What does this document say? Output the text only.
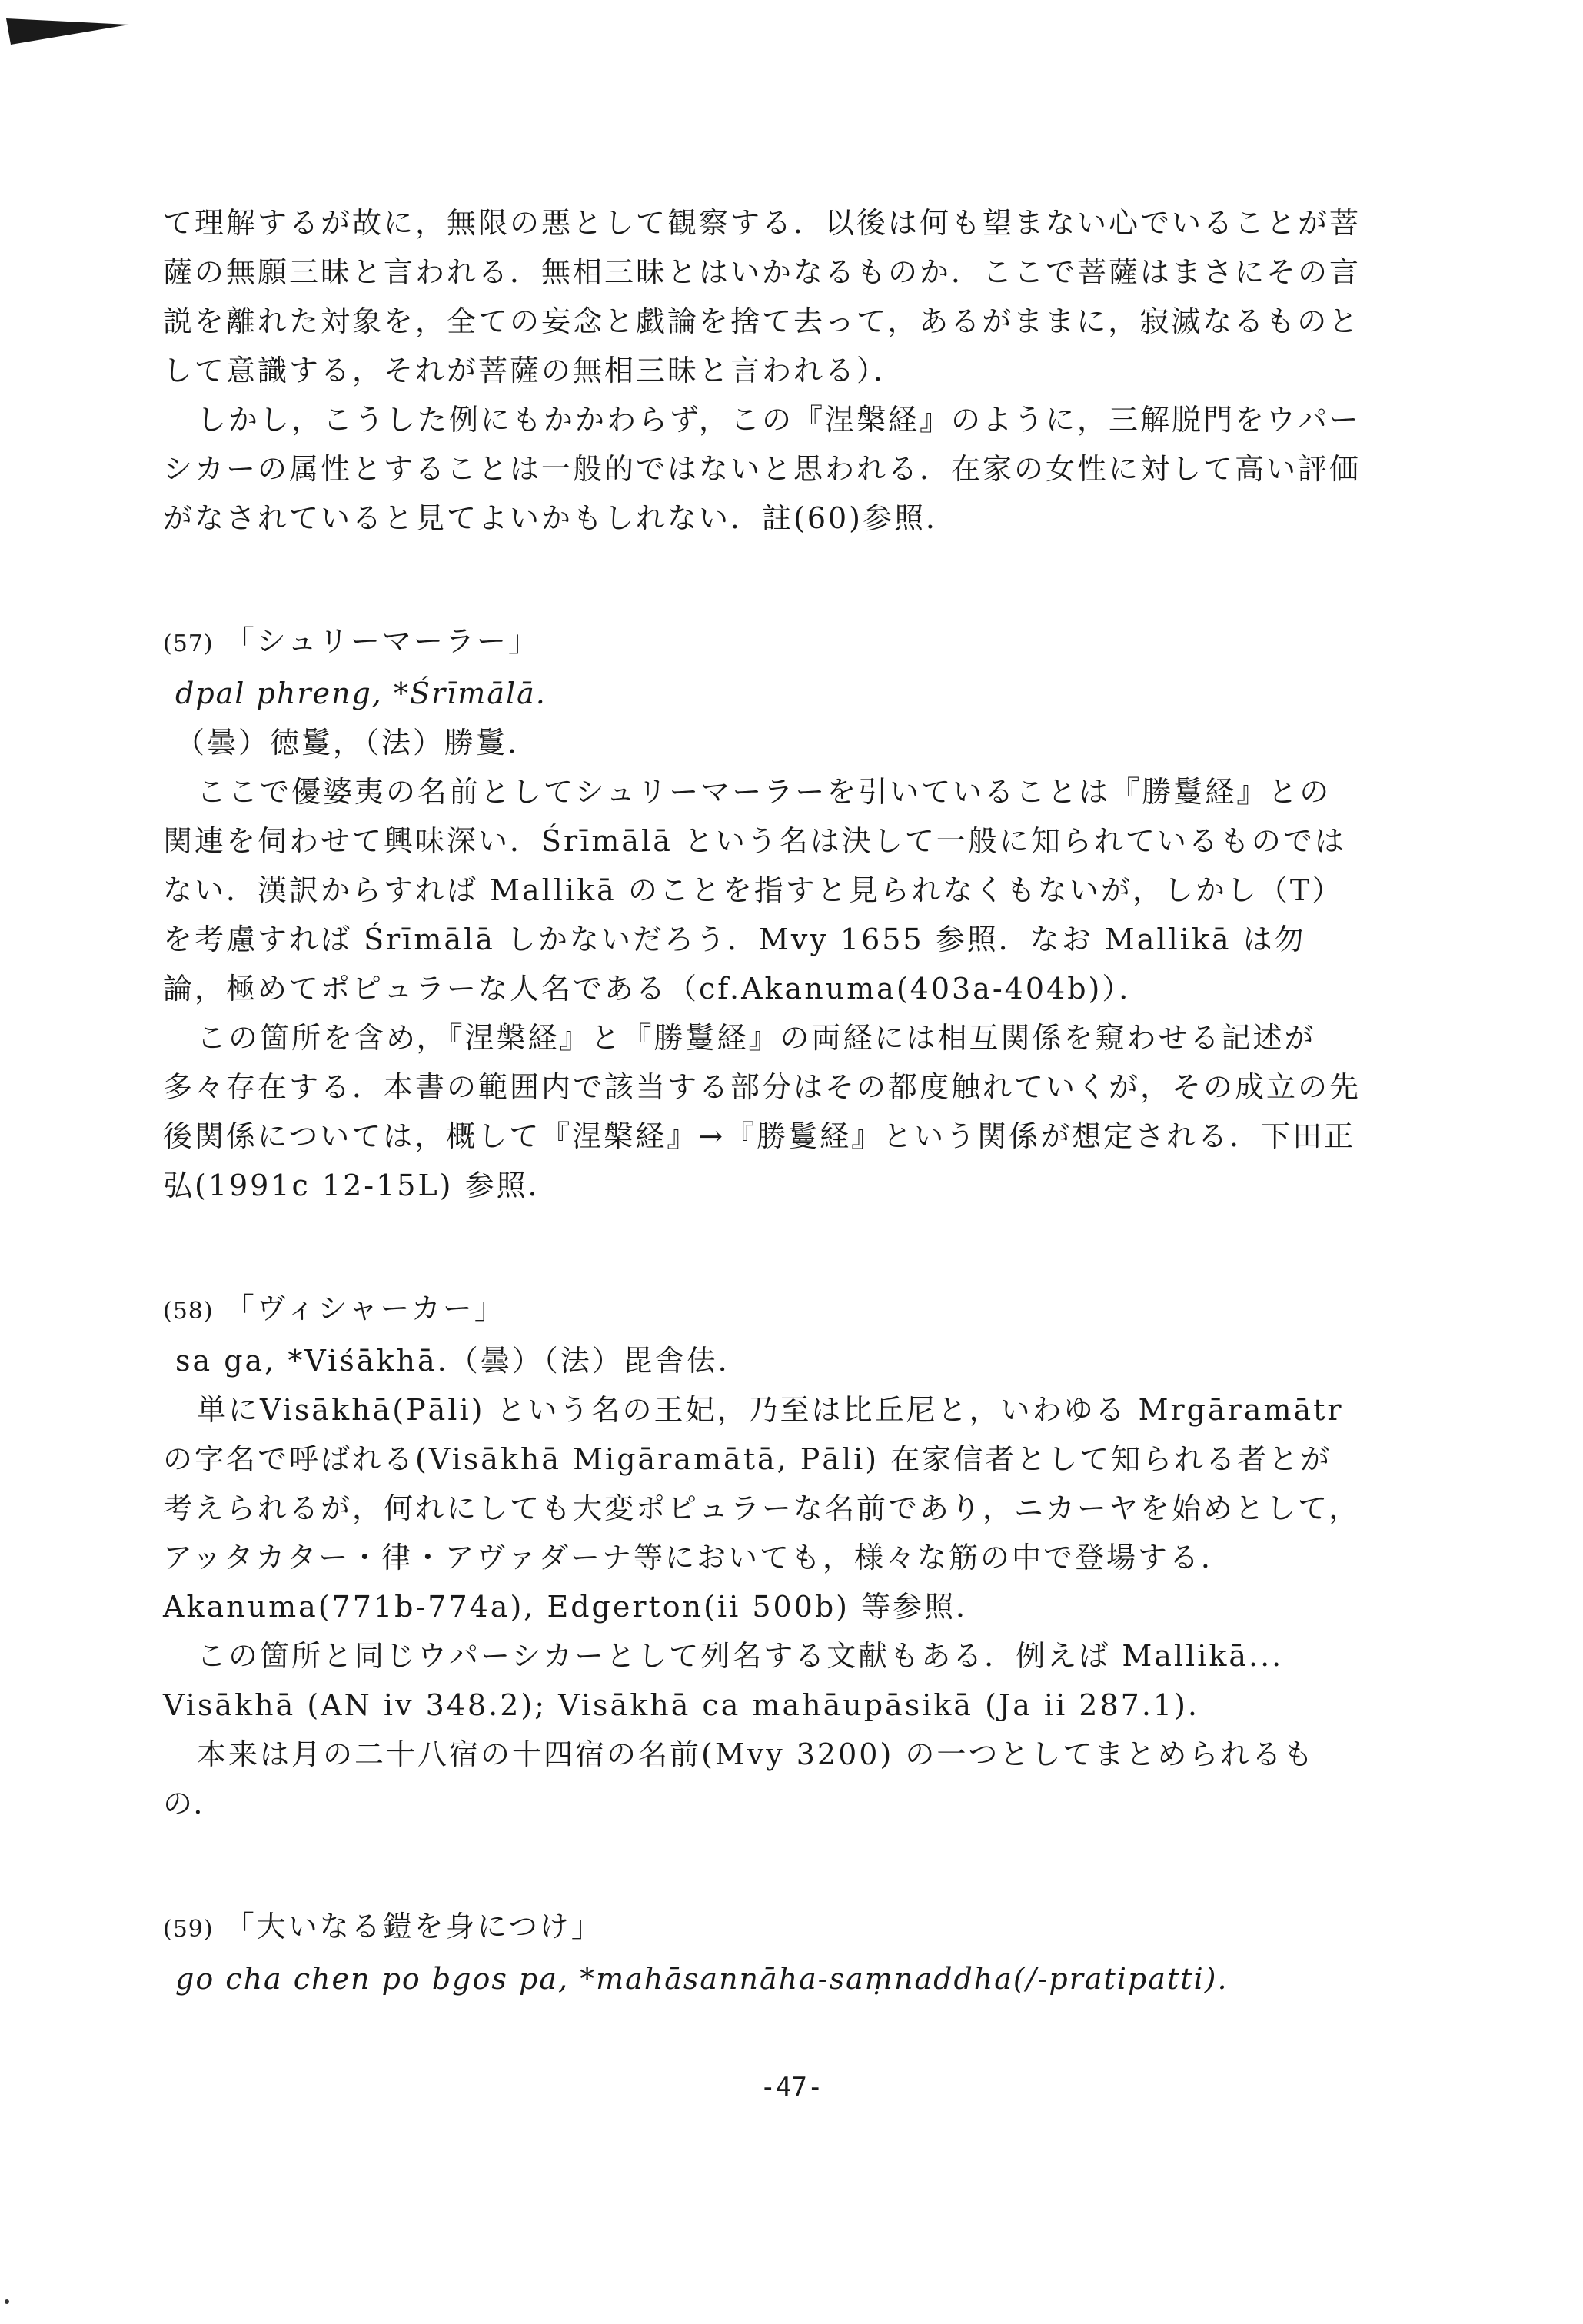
て理解するが故に，無限の悪として観察する．以後は何も望まない心でいることが菩薩の無願三昧と言われる．無相三昧とはいかなるものか．ここで菩薩はまさにその言説を離れた対象を，全ての妄念と戯論を捨て去って，あるがままに，寂滅なるものとして意識する，それが菩薩の無相三昧と言われる）．

しかし，こうした例にもかかわらず，この『涅槃経』のように，三解脱門をウパーシカーの属性とすることは一般的ではないと思われる．在家の女性に対して高い評価がなされていると見てよいかもしれない．註(60)参照．

(57) 「シュリーマーラー」

dpal phreng, *Śrīmālā.

（曇）徳鬘，（法）勝鬘．

ここで優婆夷の名前としてシュリーマーラーを引いていることは『勝鬘経』との関連を伺わせて興味深い．Śrīmālā という名は決して一般に知られているものではない．漢訳からすれば Mallikā のことを指すと見られなくもないが，しかし（T）を考慮すれば Śrīmālā しかないだろう．Mvy 1655 参照．なお Mallikā は勿論，極めてポピュラーな人名である（cf.Akanuma(403a-404b)）．

この箇所を含め，『涅槃経』と『勝鬘経』の両経には相互関係を窺わせる記述が多々存在する．本書の範囲内で該当する部分はその都度触れていくが，その成立の先後関係については，概して『涅槃経』→『勝鬘経』という関係が想定される．下田正弘(1991c 12-15L) 参照．

(58) 「ヴィシャーカー」

sa ga, *Viśākhā.（曇）（法）毘舎佉．

単にVisākhā(Pāli) という名の王妃，乃至は比丘尼と，いわゆる Mrgāramātr の字名で呼ばれる(Visākhā Migāramātā, Pāli) 在家信者として知られる者とが考えられるが，何れにしても大変ポピュラーな名前であり，ニカーヤを始めとして，アッタカター・律・アヴァダーナ等においても，様々な筋の中で登場する．Akanuma(771b-774a), Edgerton(ii 500b) 等参照．

この箇所と同じウパーシカーとして列名する文献もある．例えば Mallikā... Visākhā (AN iv 348.2); Visākhā ca mahāupāsikā (Ja ii 287.1).

本来は月の二十八宿の十四宿の名前(Mvy 3200) の一つとしてまとめられるもの．

(59) 「大いなる鎧を身につけ」

go cha chen po bgos pa, *mahāsannāha-saṃnaddha(/-pratipatti).

-47-
